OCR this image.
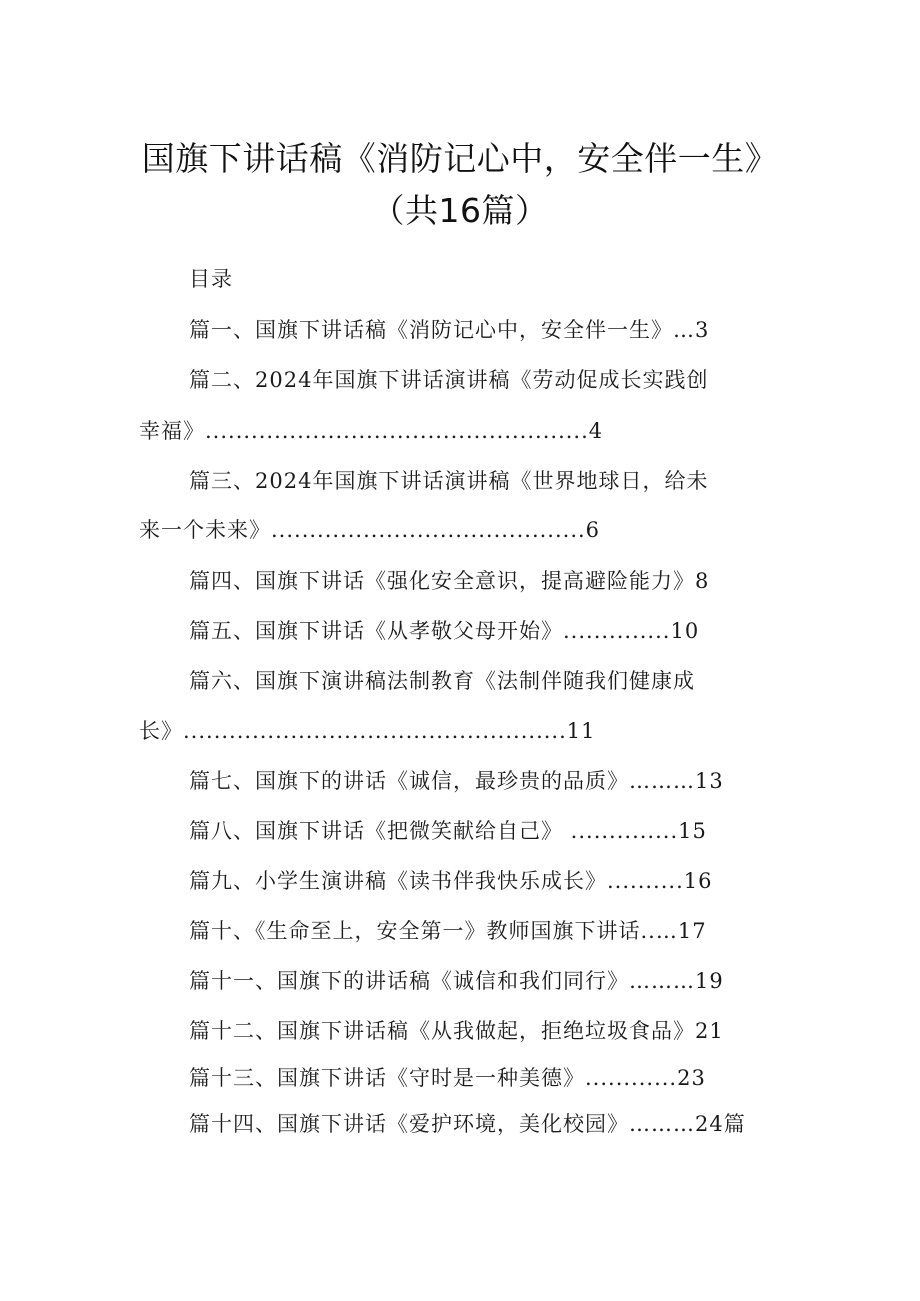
国旗下讲话稿《消防记心中，安全伴一生》
（共16篇）
目录
篇一、国旗下讲话稿《消防记心中，安全伴一生》…3
篇二、2024年国旗下讲话演讲稿《劳动促成长实践创
幸福》..................................................4
篇三、2024年国旗下讲话演讲稿《世界地球日，给未
来一个未来》.........................................6
篇四、国旗下讲话《强化安全意识，提高避险能力》8
篇五、国旗下讲话《从孝敬父母开始》..............10
篇六、国旗下演讲稿法制教育《法制伴随我们健康成
长》..................................................11
篇七、国旗下的讲话《诚信，最珍贵的品质》………13
篇八、国旗下讲话《把微笑献给自己》 ..............15
篇九、小学生演讲稿《读书伴我快乐成长》..........16
篇十、《生命至上，安全第一》教师国旗下讲话..…17
篇十一、国旗下的讲话稿《诚信和我们同行》………19
篇十二、国旗下讲话稿《从我做起，拒绝垃圾食品》21
篇十三、国旗下讲话《守时是一种美德》............23
篇十四、国旗下讲话《爱护环境，美化校园》………24篇
